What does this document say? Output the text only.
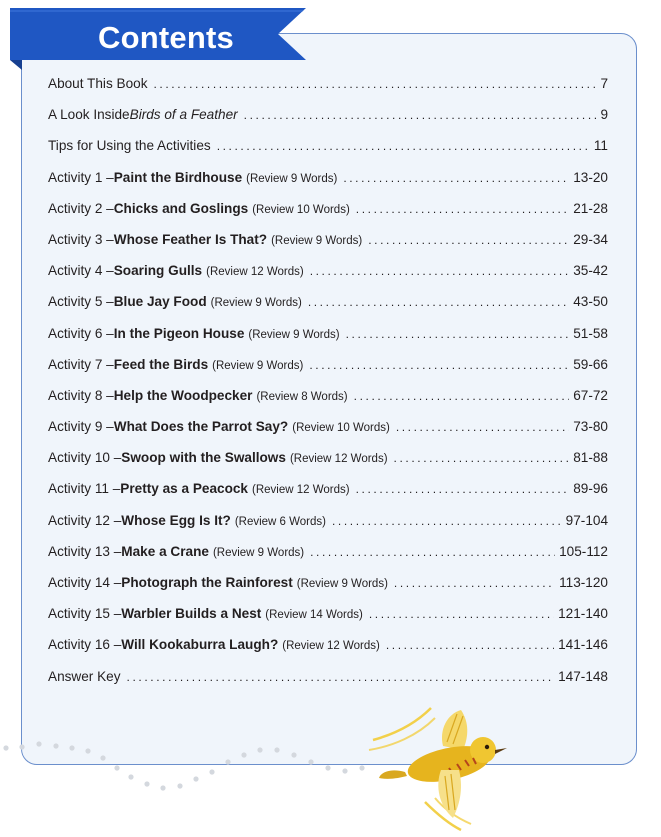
Contents
About This Book .....	7
A Look Inside Birds of a Feather .....	9
Tips for Using the Activities .....	11
Activity 1 – Paint the Birdhouse (Review 9 Words) .....	13-20
Activity 2 – Chicks and Goslings (Review 10 Words) .....	21-28
Activity 3 – Whose Feather Is That? (Review 9 Words) .....	29-34
Activity 4 – Soaring Gulls (Review 12 Words) .....	35-42
Activity 5 – Blue Jay Food (Review 9 Words) .....	43-50
Activity 6 – In the Pigeon House (Review 9 Words) .....	51-58
Activity 7 – Feed the Birds (Review 9 Words) .....	59-66
Activity 8 – Help the Woodpecker (Review 8 Words) .....	67-72
Activity 9 – What Does the Parrot Say? (Review 10 Words) .....	73-80
Activity 10 – Swoop with the Swallows (Review 12 Words) .....	81-88
Activity 11 – Pretty as a Peacock (Review 12 Words) .....	89-96
Activity 12 – Whose Egg Is It? (Review 6 Words) .....	97-104
Activity 13 – Make a Crane (Review 9 Words) .....	105-112
Activity 14 – Photograph the Rainforest (Review 9 Words) .....	113-120
Activity 15 – Warbler Builds a Nest (Review 14 Words) .....	121-140
Activity 16 – Will Kookaburra Laugh? (Review 12 Words) .....	141-146
Answer Key .....	147-148
